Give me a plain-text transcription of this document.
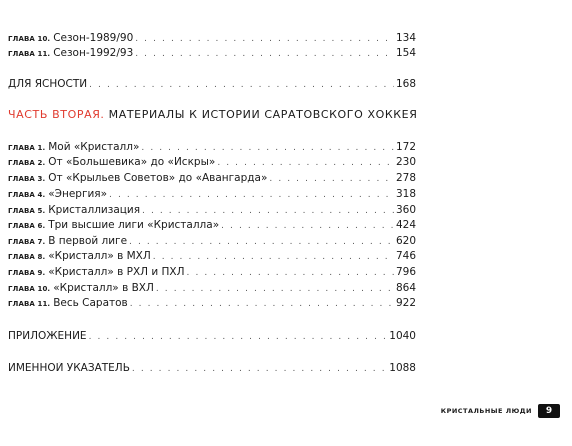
ГЛАВА 10. Сезон-1989/90 . . .	134
ГЛАВА 11. Сезон-1992/93 . . .	154
ДЛЯ ЯСНОСТИ . . .	168
ЧАСТЬ ВТОРАЯ. МАТЕРИАЛЫ К ИСТОРИИ САРАТОВСКОГО ХОККЕЯ
ГЛАВА 1. Мой «Кристалл» . . .	172
ГЛАВА 2. От «Большевика» до «Искры» . . .	230
ГЛАВА 3. От «Крыльев Советов» до «Авангарда» . . .	278
ГЛАВА 4. «Энергия» . . .	318
ГЛАВА 5. Кристаллизация . . .	360
ГЛАВА 6. Три высшие лиги «Кристалла» . . .	424
ГЛАВА 7. В первой лиге . . .	620
ГЛАВА 8. «Кристалл» в МХЛ . . .	746
ГЛАВА 9. «Кристалл» в РХЛ и ПХЛ . . .	796
ГЛАВА 10. «Кристалл» в ВХЛ . . .	864
ГЛАВА 11. Весь Саратов . . .	922
ПРИЛОЖЕНИЕ . . .	1040
ИМЕННОЙ УКАЗАТЕЛЬ . . .	1088
КРИСТАЛЬНЫЕ ЛЮДИ	9
